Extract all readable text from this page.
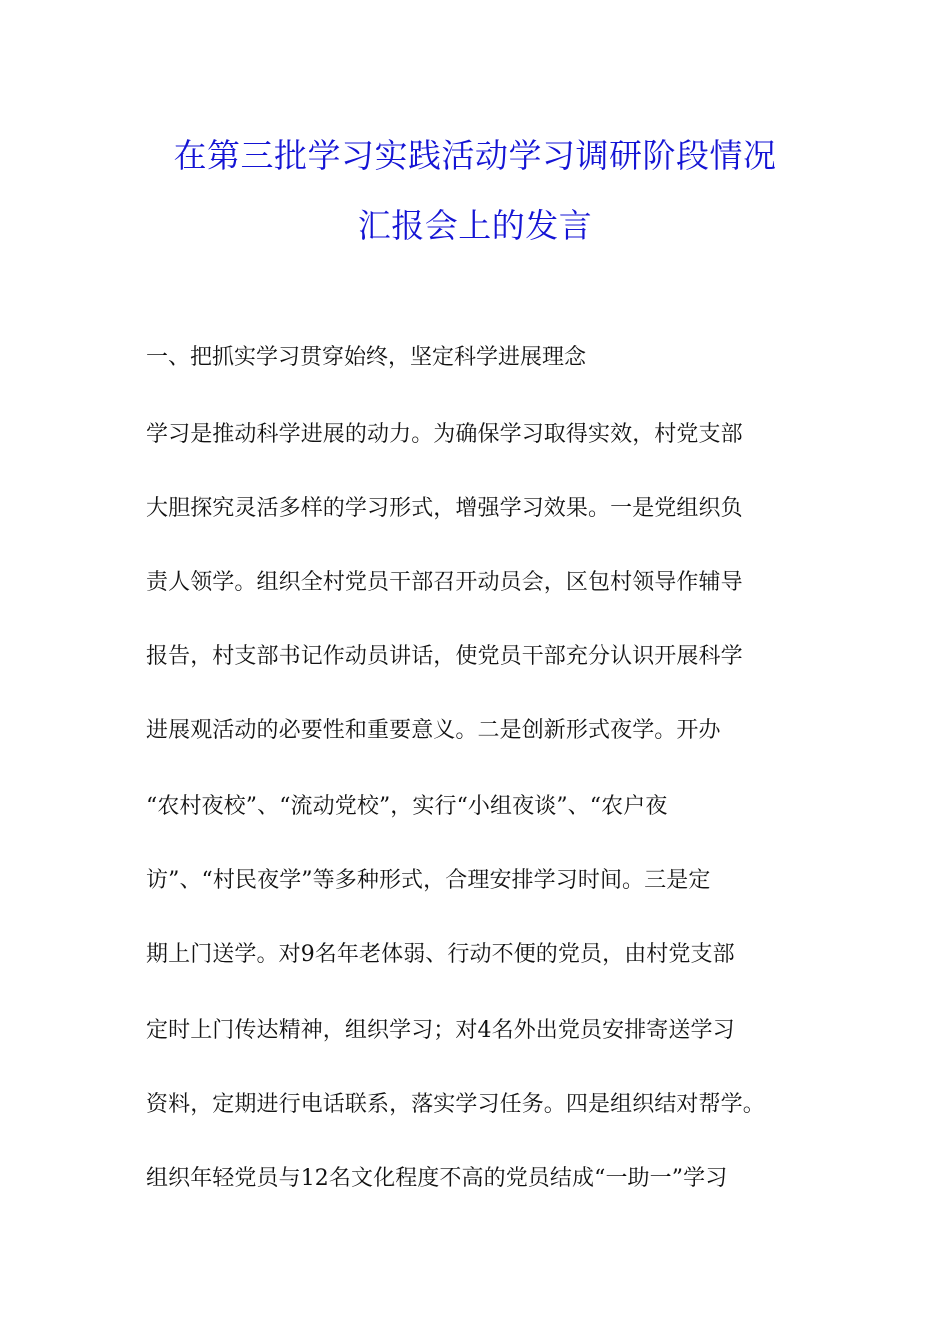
在第三批学习实践活动学习调研阶段情况
汇报会上的发言
一、把抓实学习贯穿始终，坚定科学进展理念
学习是推动科学进展的动力。为确保学习取得实效，村党支部
大胆探究灵活多样的学习形式，增强学习效果。一是党组织负
责人领学。组织全村党员干部召开动员会，区包村领导作辅导
报告，村支部书记作动员讲话，使党员干部充分认识开展科学
进展观活动的必要性和重要意义。二是创新形式夜学。开办
“农村夜校”、“流动党校”，实行“小组夜谈”、“农户夜
访”、“村民夜学”等多种形式，合理安排学习时间。三是定
期上门送学。对9名年老体弱、行动不便的党员，由村党支部
定时上门传达精神，组织学习；对4名外出党员安排寄送学习
资料，定期进行电话联系，落实学习任务。四是组织结对帮学。
组织年轻党员与12名文化程度不高的党员结成“一助一”学习
